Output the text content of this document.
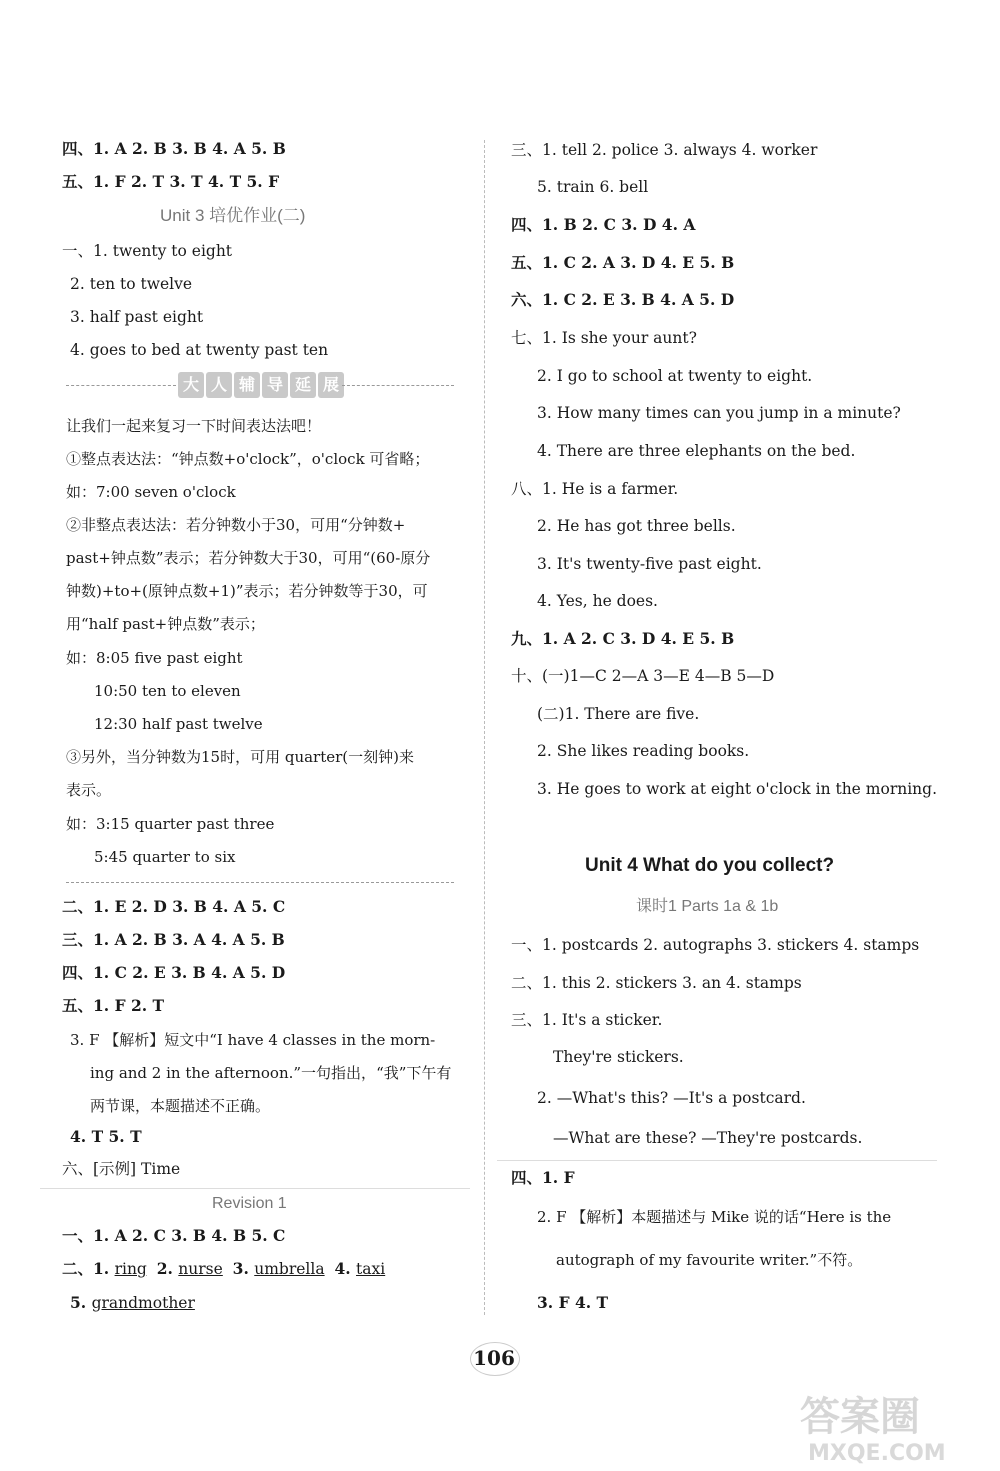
四、1. A 2. B 3. B 4. A 5. B
五、1. F 2. T 3. T 4. T 5. F
Unit 3 培优作业(二)
一、1. twenty to eight
2. ten to twelve
3. half past eight
4. goes to bed at twenty past ten
大 人 辅 导 延 展
让我们一起来复习一下时间表达法吧！
①整点表达法：“钟点数+o'clock”，o'clock 可省略；
如：7:00 seven o'clock
②非整点表达法：若分钟数小于30，可用“分钟数+
past+钟点数”表示；若分钟数大于30，可用“(60-原分
钟数)+to+(原钟点数+1)”表示；若分钟数等于30，可
用“half past+钟点数”表示；
如：8:05 five past eight
10:50 ten to eleven
12:30 half past twelve
③另外，当分钟数为15时，可用 quarter(一刻钟)来
表示。
如：3:15 quarter past three
5:45 quarter to six
二、1. E 2. D 3. B 4. A 5. C
三、1. A 2. B 3. A 4. A 5. B
四、1. C 2. E 3. B 4. A 5. D
五、1. F 2. T
3. F 【解析】短文中“I have 4 classes in the morn-
ing and 2 in the afternoon.”一句指出，“我”下午有
两节课，本题描述不正确。
4. T 5. T
六、[示例] Time
Revision 1
一、1. A 2. C 3. B 4. B 5. C
二、1. ring 2. nurse 3. umbrella 4. taxi
5. grandmother
三、1. tell 2. police 3. always 4. worker
5. train 6. bell
四、1. B 2. C 3. D 4. A
五、1. C 2. A 3. D 4. E 5. B
六、1. C 2. E 3. B 4. A 5. D
七、1. Is she your aunt?
2. I go to school at twenty to eight.
3. How many times can you jump in a minute?
4. There are three elephants on the bed.
八、1. He is a farmer.
2. He has got three bells.
3. It's twenty-five past eight.
4. Yes, he does.
九、1. A 2. C 3. D 4. E 5. B
十、(一)1—C 2—A 3—E 4—B 5—D
(二)1. There are five.
2. She likes reading books.
3. He goes to work at eight o'clock in the morning.
Unit 4 What do you collect?
课时1 Parts 1a & 1b
一、1. postcards 2. autographs 3. stickers 4. stamps
二、1. this 2. stickers 3. an 4. stamps
三、1. It's a sticker.
They're stickers.
2. —What's this? —It's a postcard.
—What are these? —They're postcards.
四、1. F
2. F 【解析】本题描述与 Mike 说的话“Here is the
autograph of my favourite writer.”不符。
3. F 4. T
106
答案圈
MXQE.COM
